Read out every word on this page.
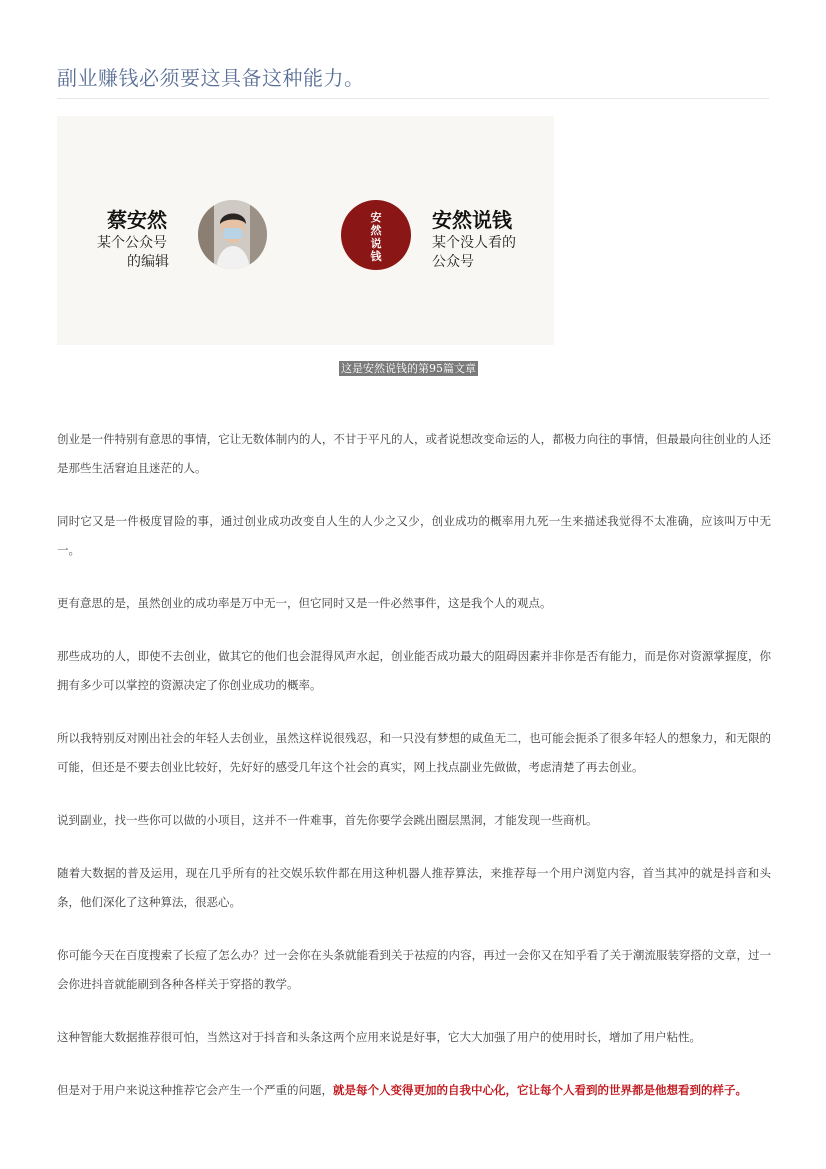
副业赚钱必须要这具备这种能力。
蔡安然
某个公众号
的编辑
安
然
说
钱
安然说钱
某个没人看的
公众号
这是安然说钱的第95篇文章

创业是一件特别有意思的事情，它让无数体制内的人，不甘于平凡的人，或者说想改变命运的人，都极力向往的事情，但最最向往创业的人还是那些生活窘迫且迷茫的人。

同时它又是一件极度冒险的事，通过创业成功改变自人生的人少之又少，创业成功的概率用九死一生来描述我觉得不太准确，应该叫万中无一。

更有意思的是，虽然创业的成功率是万中无一，但它同时又是一件必然事件，这是我个人的观点。

那些成功的人，即使不去创业，做其它的他们也会混得风声水起，创业能否成功最大的阻碍因素并非你是否有能力，而是你对资源掌握度，你拥有多少可以掌控的资源决定了你创业成功的概率。

所以我特别反对刚出社会的年轻人去创业，虽然这样说很残忍，和一只没有梦想的咸鱼无二，也可能会扼杀了很多年轻人的想象力，和无限的可能，但还是不要去创业比较好，先好好的感受几年这个社会的真实，网上找点副业先做做，考虑清楚了再去创业。

说到副业，找一些你可以做的小项目，这并不一件难事，首先你要学会跳出圈层黑洞，才能发现一些商机。

随着大数据的普及运用，现在几乎所有的社交娱乐软件都在用这种机器人推荐算法，来推荐每一个用户浏览内容，首当其冲的就是抖音和头条，他们深化了这种算法，很恶心。

你可能今天在百度搜索了长痘了怎么办？过一会你在头条就能看到关于祛痘的内容，再过一会你又在知乎看了关于潮流服装穿搭的文章，过一会你进抖音就能刷到各种各样关于穿搭的教学。

这种智能大数据推荐很可怕，当然这对于抖音和头条这两个应用来说是好事，它大大加强了用户的使用时长，增加了用户粘性。

但是对于用户来说这种推荐它会产生一个严重的问题，就是每个人变得更加的自我中心化，它让每个人看到的世界都是他想看到的样子。
